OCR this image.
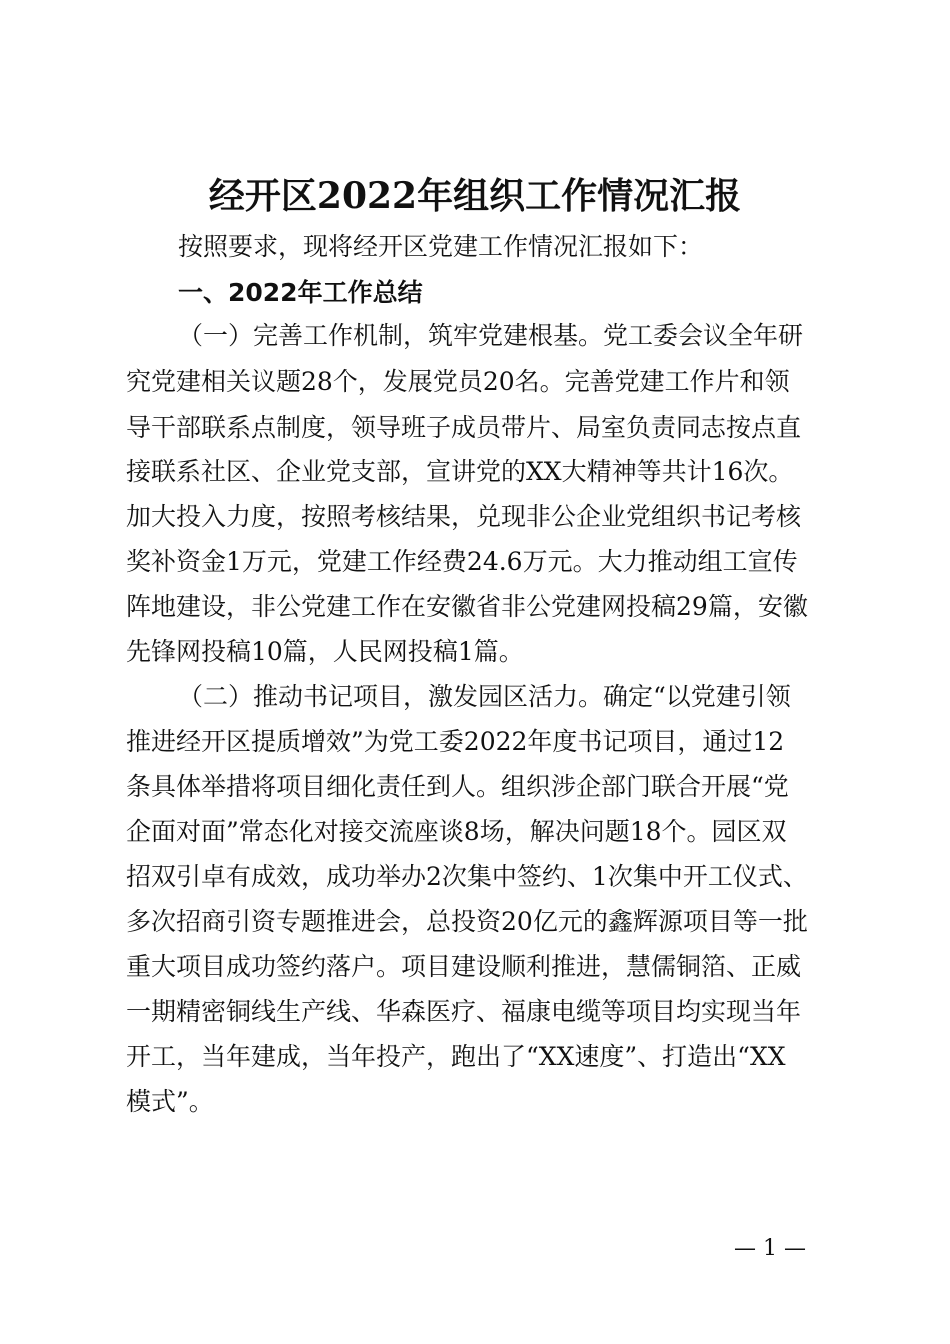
经开区2022年组织工作情况汇报
按照要求，现将经开区党建工作情况汇报如下：
一、2022年工作总结
（一）完善工作机制，筑牢党建根基。党工委会议全年研
究党建相关议题28个，发展党员20名。完善党建工作片和领
导干部联系点制度，领导班子成员带片、局室负责同志按点直
接联系社区、企业党支部，宣讲党的XX大精神等共计16次。
加大投入力度，按照考核结果，兑现非公企业党组织书记考核
奖补资金1万元，党建工作经费24.6万元。大力推动组工宣传
阵地建设，非公党建工作在安徽省非公党建网投稿29篇，安徽
先锋网投稿10篇，人民网投稿1篇。
（二）推动书记项目，激发园区活力。确定“以党建引领
推进经开区提质增效”为党工委2022年度书记项目，通过12
条具体举措将项目细化责任到人。组织涉企部门联合开展“党
企面对面”常态化对接交流座谈8场，解决问题18个。园区双
招双引卓有成效，成功举办2次集中签约、1次集中开工仪式、
多次招商引资专题推进会，总投资20亿元的鑫辉源项目等一批
重大项目成功签约落户。项目建设顺利推进，慧儒铜箔、正威
一期精密铜线生产线、华森医疗、福康电缆等项目均实现当年
开工，当年建成，当年投产，跑出了“XX速度”、打造出“XX
模式”。
— 1 —
